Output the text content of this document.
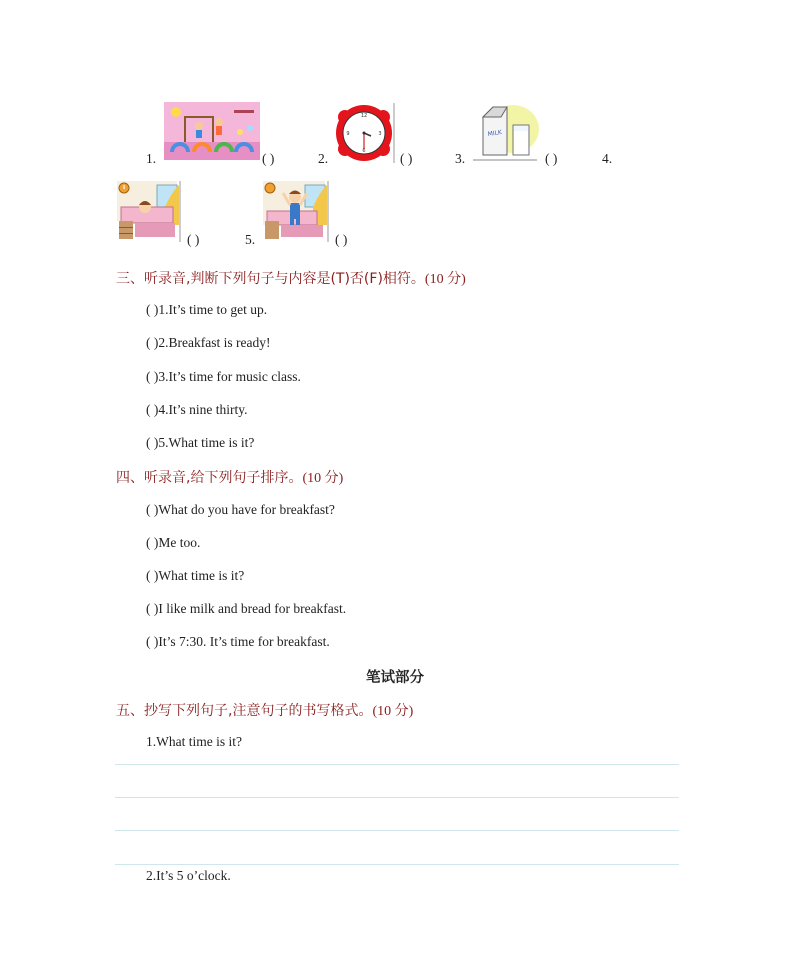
1.	( )	2.
12
3
6
9
( )	3.
MILK
( )	4.
( )	5.	( )
三、听录音,判断下列句子与内容是(T)否(F)相符。(10 分)
( )1.It’s time to get up.
( )2.Breakfast is ready!
( )3.It’s time for music class.
( )4.It’s nine thirty.
( )5.What time is it?
四、听录音,给下列句子排序。(10 分)
( )What do you have for breakfast?
( )Me too.
( )What time is it?
( )I like milk and bread for breakfast.
( )It’s 7:30. It’s time for breakfast.
笔试部分
五、抄写下列句子,注意句子的书写格式。(10 分)
1.What time is it?
2.It’s 5 o’clock.
